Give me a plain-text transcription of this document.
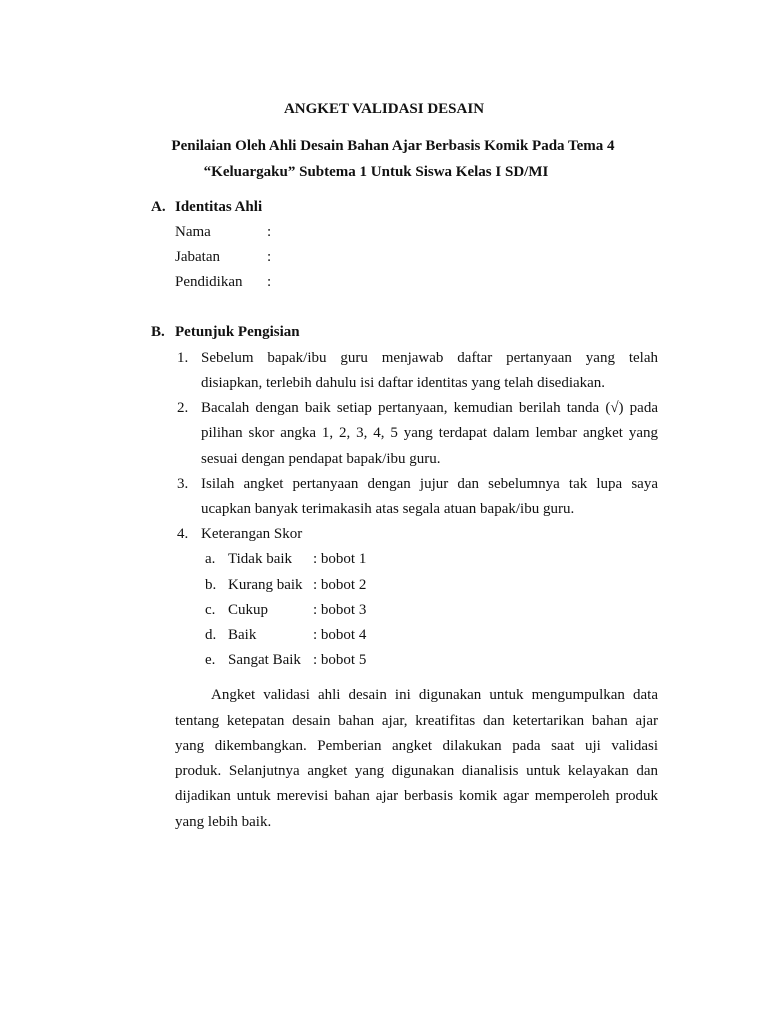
ANGKET VALIDASI DESAIN
Penilaian Oleh Ahli Desain Bahan Ajar Berbasis Komik Pada Tema 4
“Keluargaku” Subtema 1 Untuk Siswa Kelas I SD/MI
A. Identitas Ahli
Nama	:
Jabatan	:
Pendidikan :
B. Petunjuk Pengisian
1. Sebelum bapak/ibu guru menjawab daftar pertanyaan yang telah
disiapkan, terlebih dahulu isi daftar identitas yang telah disediakan.
2. Bacalah dengan baik setiap pertanyaan, kemudian berilah tanda (√) pada
pilihan skor angka 1, 2, 3, 4, 5 yang terdapat dalam lembar angket yang
sesuai dengan pendapat bapak/ibu guru.
3. Isilah angket pertanyaan dengan jujur dan sebelumnya tak lupa saya
ucapkan banyak terimakasih atas segala atuan bapak/ibu guru.
4. Keterangan Skor
a. Tidak baik : bobot 1
b. Kurang baik : bobot 2
c. Cukup	: bobot 3
d. Baik	: bobot 4
e. Sangat Baik : bobot 5
Angket validasi ahli desain ini digunakan untuk mengumpulkan data
tentang ketepatan desain bahan ajar, kreatifitas dan ketertarikan bahan ajar
yang dikembangkan. Pemberian angket dilakukan pada saat uji validasi
produk. Selanjutnya angket yang digunakan dianalisis untuk kelayakan dan
dijadikan untuk merevisi bahan ajar berbasis komik agar memperoleh produk
yang lebih baik.
